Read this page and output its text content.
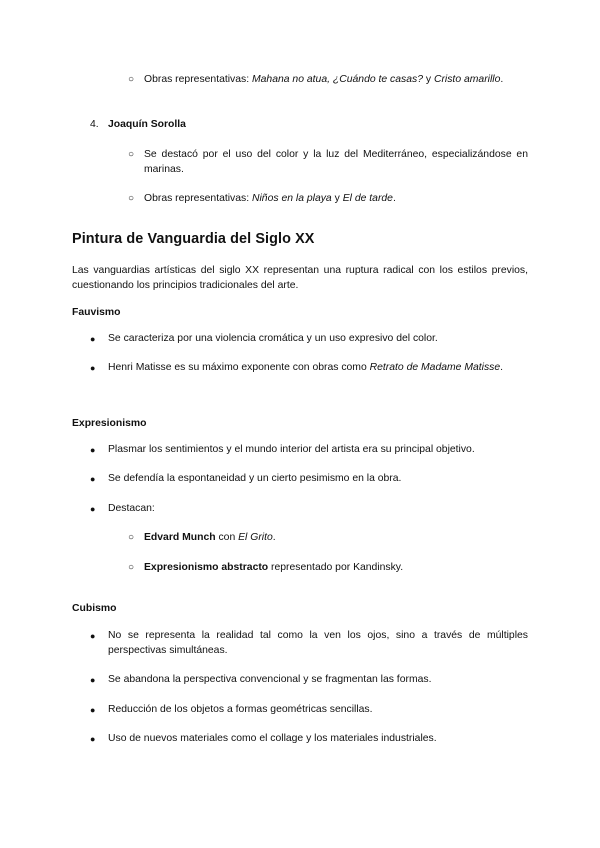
○ Obras representativas: Mahana no atua, ¿Cuándo te casas? y Cristo amarillo.
4. Joaquín Sorolla
○ Se destacó por el uso del color y la luz del Mediterráneo, especializándose en marinas.
○ Obras representativas: Niños en la playa y El de tarde.
Pintura de Vanguardia del Siglo XX
Las vanguardias artísticas del siglo XX representan una ruptura radical con los estilos previos, cuestionando los principios tradicionales del arte.
Fauvismo
● Se caracteriza por una violencia cromática y un uso expresivo del color.
● Henri Matisse es su máximo exponente con obras como Retrato de Madame Matisse.
Expresionismo
● Plasmar los sentimientos y el mundo interior del artista era su principal objetivo.
● Se defendía la espontaneidad y un cierto pesimismo en la obra.
● Destacan:
○ Edvard Munch con El Grito.
○ Expresionismo abstracto representado por Kandinsky.
Cubismo
● No se representa la realidad tal como la ven los ojos, sino a través de múltiples perspectivas simultáneas.
● Se abandona la perspectiva convencional y se fragmentan las formas.
● Reducción de los objetos a formas geométricas sencillas.
● Uso de nuevos materiales como el collage y los materiales industriales.
